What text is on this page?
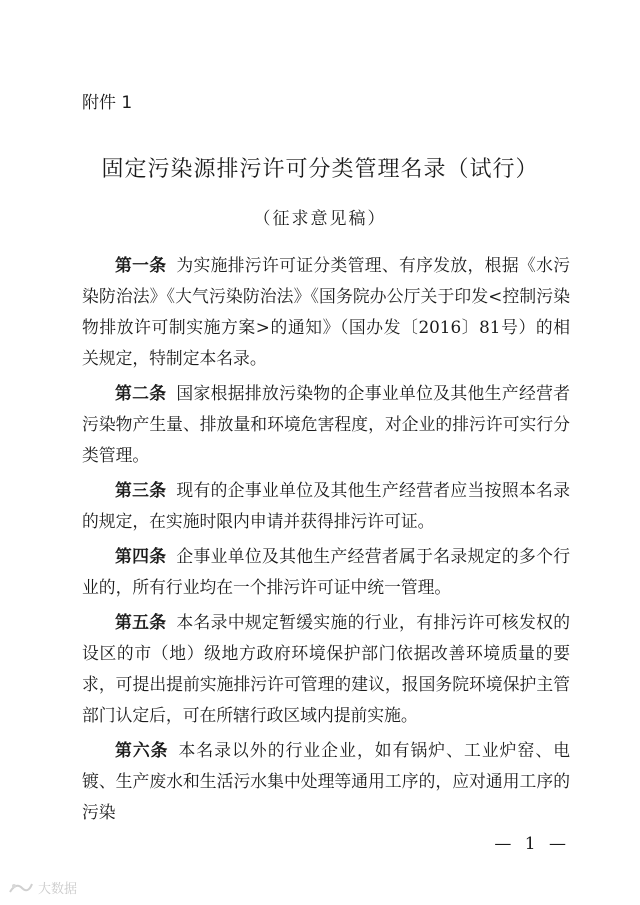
附件 1
固定污染源排污许可分类管理名录（试行）
（征求意见稿）

第一条 为实施排污许可证分类管理、有序发放，根据《水污染防治法》《大气污染防治法》《国务院办公厅关于印发<控制污染物排放许可制实施方案>的通知》（国办发〔2016〕81号）的相关规定，特制定本名录。

第二条 国家根据排放污染物的企事业单位及其他生产经营者污染物产生量、排放量和环境危害程度，对企业的排污许可实行分类管理。

第三条 现有的企事业单位及其他生产经营者应当按照本名录的规定，在实施时限内申请并获得排污许可证。

第四条 企事业单位及其他生产经营者属于名录规定的多个行业的，所有行业均在一个排污许可证中统一管理。

第五条 本名录中规定暂缓实施的行业，有排污许可核发权的设区的市（地）级地方政府环境保护部门依据改善环境质量的要求，可提出提前实施排污许可管理的建议，报国务院环境保护主管部门认定后，可在所辖行政区域内提前实施。

第六条 本名录以外的行业企业，如有锅炉、工业炉窑、电镀、生产废水和生活污水集中处理等通用工序的，应对通用工序的污染

— 1 —
大数据
